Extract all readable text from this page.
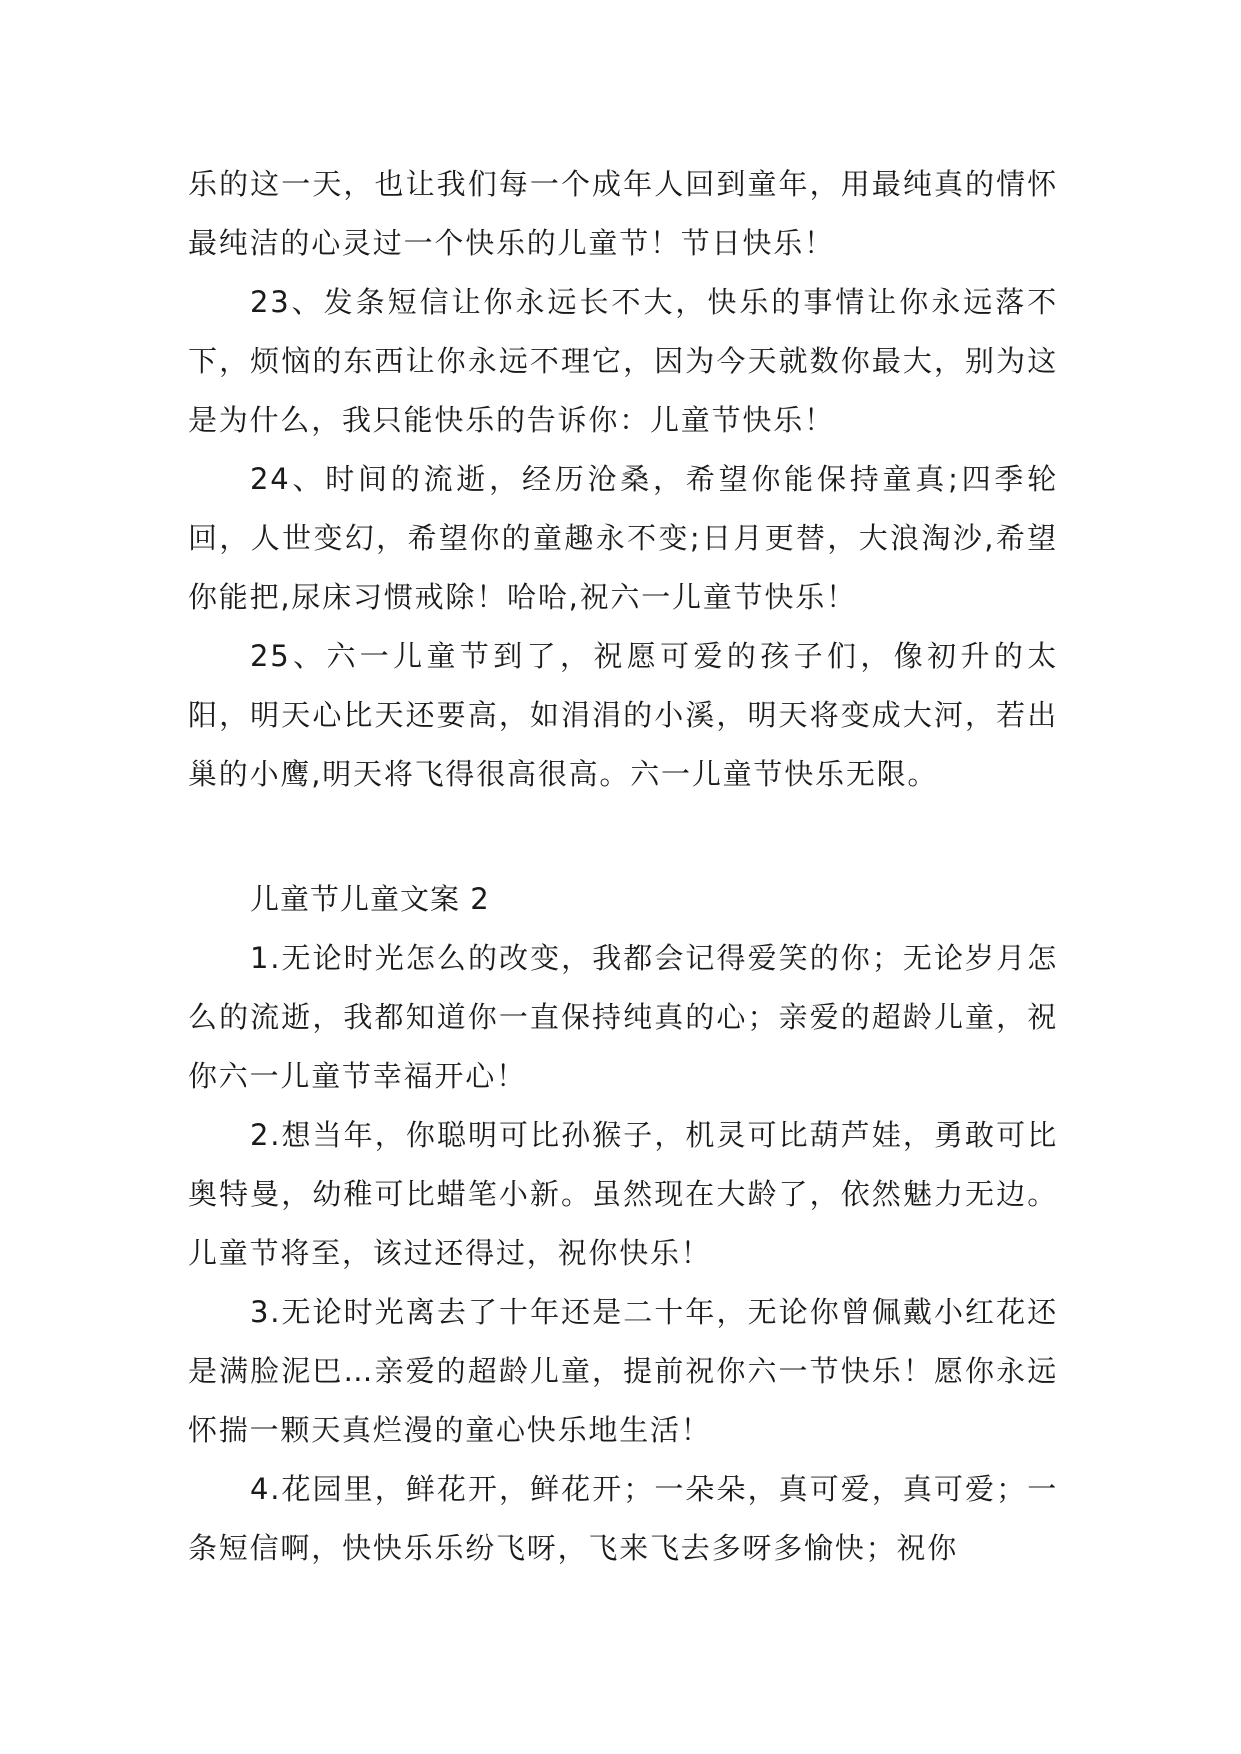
乐的这一天，也让我们每一个成年人回到童年，用最纯真的情怀最纯洁的心灵过一个快乐的儿童节！节日快乐！

23、发条短信让你永远长不大，快乐的事情让你永远落不下，烦恼的东西让你永远不理它，因为今天就数你最大，别为这是为什么，我只能快乐的告诉你：儿童节快乐！

24、时间的流逝，经历沧桑，希望你能保持童真;四季轮回，人世变幻，希望你的童趣永不变;日月更替，大浪淘沙,希望你能把,尿床习惯戒除！哈哈,祝六一儿童节快乐！

25、六一儿童节到了，祝愿可爱的孩子们，像初升的太阳，明天心比天还要高，如涓涓的小溪，明天将变成大河，若出巢的小鹰,明天将飞得很高很高。六一儿童节快乐无限。

儿童节儿童文案 2

1.无论时光怎么的改变，我都会记得爱笑的你；无论岁月怎么的流逝，我都知道你一直保持纯真的心；亲爱的超龄儿童，祝你六一儿童节幸福开心！

2.想当年，你聪明可比孙猴子，机灵可比葫芦娃，勇敢可比奥特曼，幼稚可比蜡笔小新。虽然现在大龄了，依然魅力无边。儿童节将至，该过还得过，祝你快乐！

3.无论时光离去了十年还是二十年，无论你曾佩戴小红花还是满脸泥巴…亲爱的超龄儿童，提前祝你六一节快乐！愿你永远怀揣一颗天真烂漫的童心快乐地生活！

4.花园里，鲜花开，鲜花开；一朵朵，真可爱，真可爱；一条短信啊，快快乐乐纷飞呀，飞来飞去多呀多愉快；祝你
